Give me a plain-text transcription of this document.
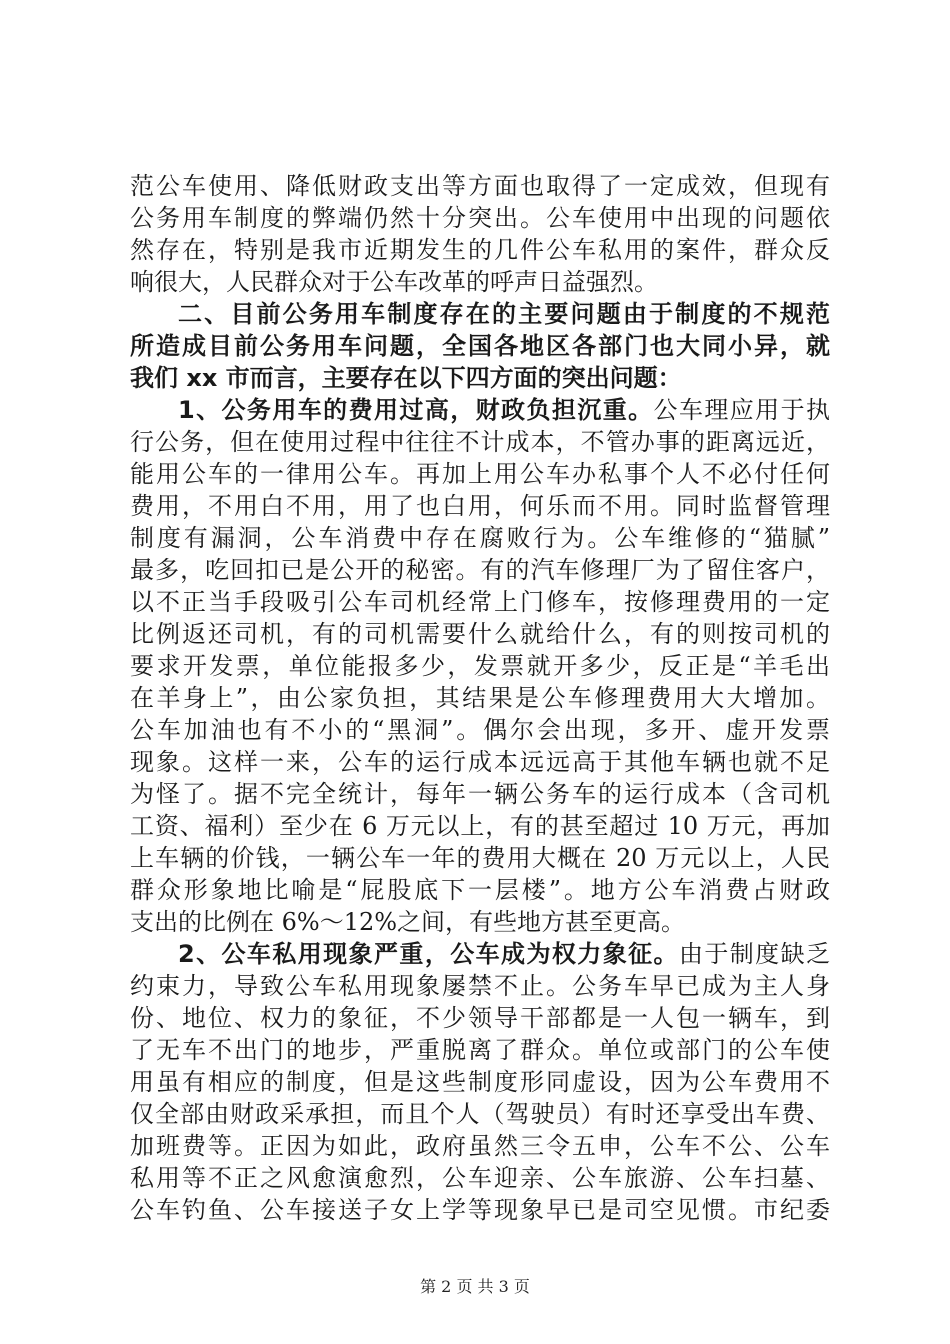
范公车使用、降低财政支出等方面也取得了一定成效，但现有
公务用车制度的弊端仍然十分突出。公车使用中出现的问题依
然存在，特别是我市近期发生的几件公车私用的案件，群众反
响很大，人民群众对于公车改革的呼声日益强烈。
二、目前公务用车制度存在的主要问题由于制度的不规范
所造成目前公务用车问题，全国各地区各部门也大同小异，就
我们 xx 市而言，主要存在以下四方面的突出问题：
1、公务用车的费用过高，财政负担沉重。公车理应用于执
行公务，但在使用过程中往往不计成本，不管办事的距离远近，
能用公车的一律用公车。再加上用公车办私事个人不必付任何
费用，不用白不用，用了也白用，何乐而不用。同时监督管理
制度有漏洞，公车消费中存在腐败行为。公车维修的“猫腻”
最多，吃回扣已是公开的秘密。有的汽车修理厂为了留住客户，
以不正当手段吸引公车司机经常上门修车，按修理费用的一定
比例返还司机，有的司机需要什么就给什么，有的则按司机的
要求开发票，单位能报多少，发票就开多少，反正是“羊毛出
在羊身上”，由公家负担，其结果是公车修理费用大大增加。
公车加油也有不小的“黑洞”。偶尔会出现，多开、虚开发票
现象。这样一来，公车的运行成本远远高于其他车辆也就不足
为怪了。据不完全统计，每年一辆公务车的运行成本（含司机
工资、福利）至少在 6 万元以上，有的甚至超过 10 万元，再加
上车辆的价钱，一辆公车一年的费用大概在 20 万元以上，人民
群众形象地比喻是“屁股底下一层楼”。地方公车消费占财政
支出的比例在 6%～12%之间，有些地方甚至更高。
2、公车私用现象严重，公车成为权力象征。由于制度缺乏
约束力，导致公车私用现象屡禁不止。公务车早已成为主人身
份、地位、权力的象征，不少领导干部都是一人包一辆车，到
了无车不出门的地步，严重脱离了群众。单位或部门的公车使
用虽有相应的制度，但是这些制度形同虚设，因为公车费用不
仅全部由财政采承担，而且个人（驾驶员）有时还享受出车费、
加班费等。正因为如此，政府虽然三令五申，公车不公、公车
私用等不正之风愈演愈烈，公车迎亲、公车旅游、公车扫墓、
公车钓鱼、公车接送子女上学等现象早已是司空见惯。市纪委
第 2 页 共 3 页
